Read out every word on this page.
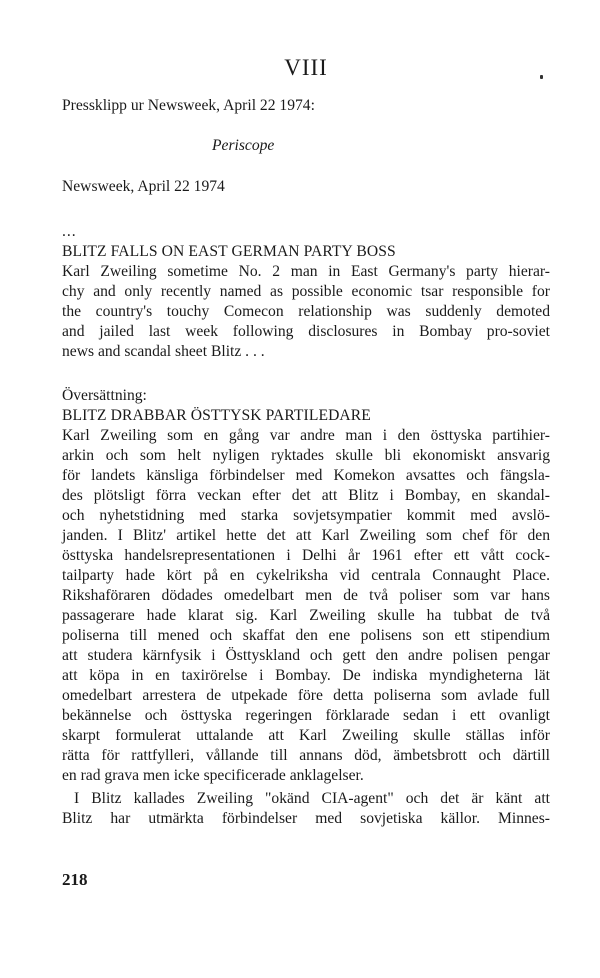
VIII
Pressklipp ur Newsweek, April 22 1974:
Periscope
Newsweek, April 22 1974
...
BLITZ FALLS ON EAST GERMAN PARTY BOSS
Karl Zweiling sometime No. 2 man in East Germany's party hierar-
chy and only recently named as possible economic tsar responsible for
the country's touchy Comecon relationship was suddenly demoted
and jailed last week following disclosures in Bombay pro-soviet
news and scandal sheet Blitz . . .
Översättning:
BLITZ DRABBAR ÖSTTYSK PARTILEDARE
Karl Zweiling som en gång var andre man i den östtyska partihier-
arkin och som helt nyligen ryktades skulle bli ekonomiskt ansvarig
för landets känsliga förbindelser med Komekon avsattes och fängsla-
des plötsligt förra veckan efter det att Blitz i Bombay, en skandal-
och nyhetstidning med starka sovjetsympatier kommit med avslö-
janden. I Blitz' artikel hette det att Karl Zweiling som chef för den
östtyska handelsrepresentationen i Delhi år 1961 efter ett vått cock-
tailparty hade kört på en cykelriksha vid centrala Connaught Place.
Rikshaföraren dödades omedelbart men de två poliser som var hans
passagerare hade klarat sig. Karl Zweiling skulle ha tubbat de två
poliserna till mened och skaffat den ene polisens son ett stipendium
att studera kärnfysik i Östtyskland och gett den andre polisen pengar
att köpa in en taxirörelse i Bombay. De indiska myndigheterna lät
omedelbart arrestera de utpekade före detta poliserna som avlade full
bekännelse och östtyska regeringen förklarade sedan i ett ovanligt
skarpt formulerat uttalande att Karl Zweiling skulle ställas inför
rätta för rattfylleri, vållande till annans död, ämbetsbrott och därtill
en rad grava men icke specificerade anklagelser.
I Blitz kallades Zweiling "okänd CIA-agent" och det är känt att
Blitz har utmärkta förbindelser med sovjetiska källor. Minnes-
218
